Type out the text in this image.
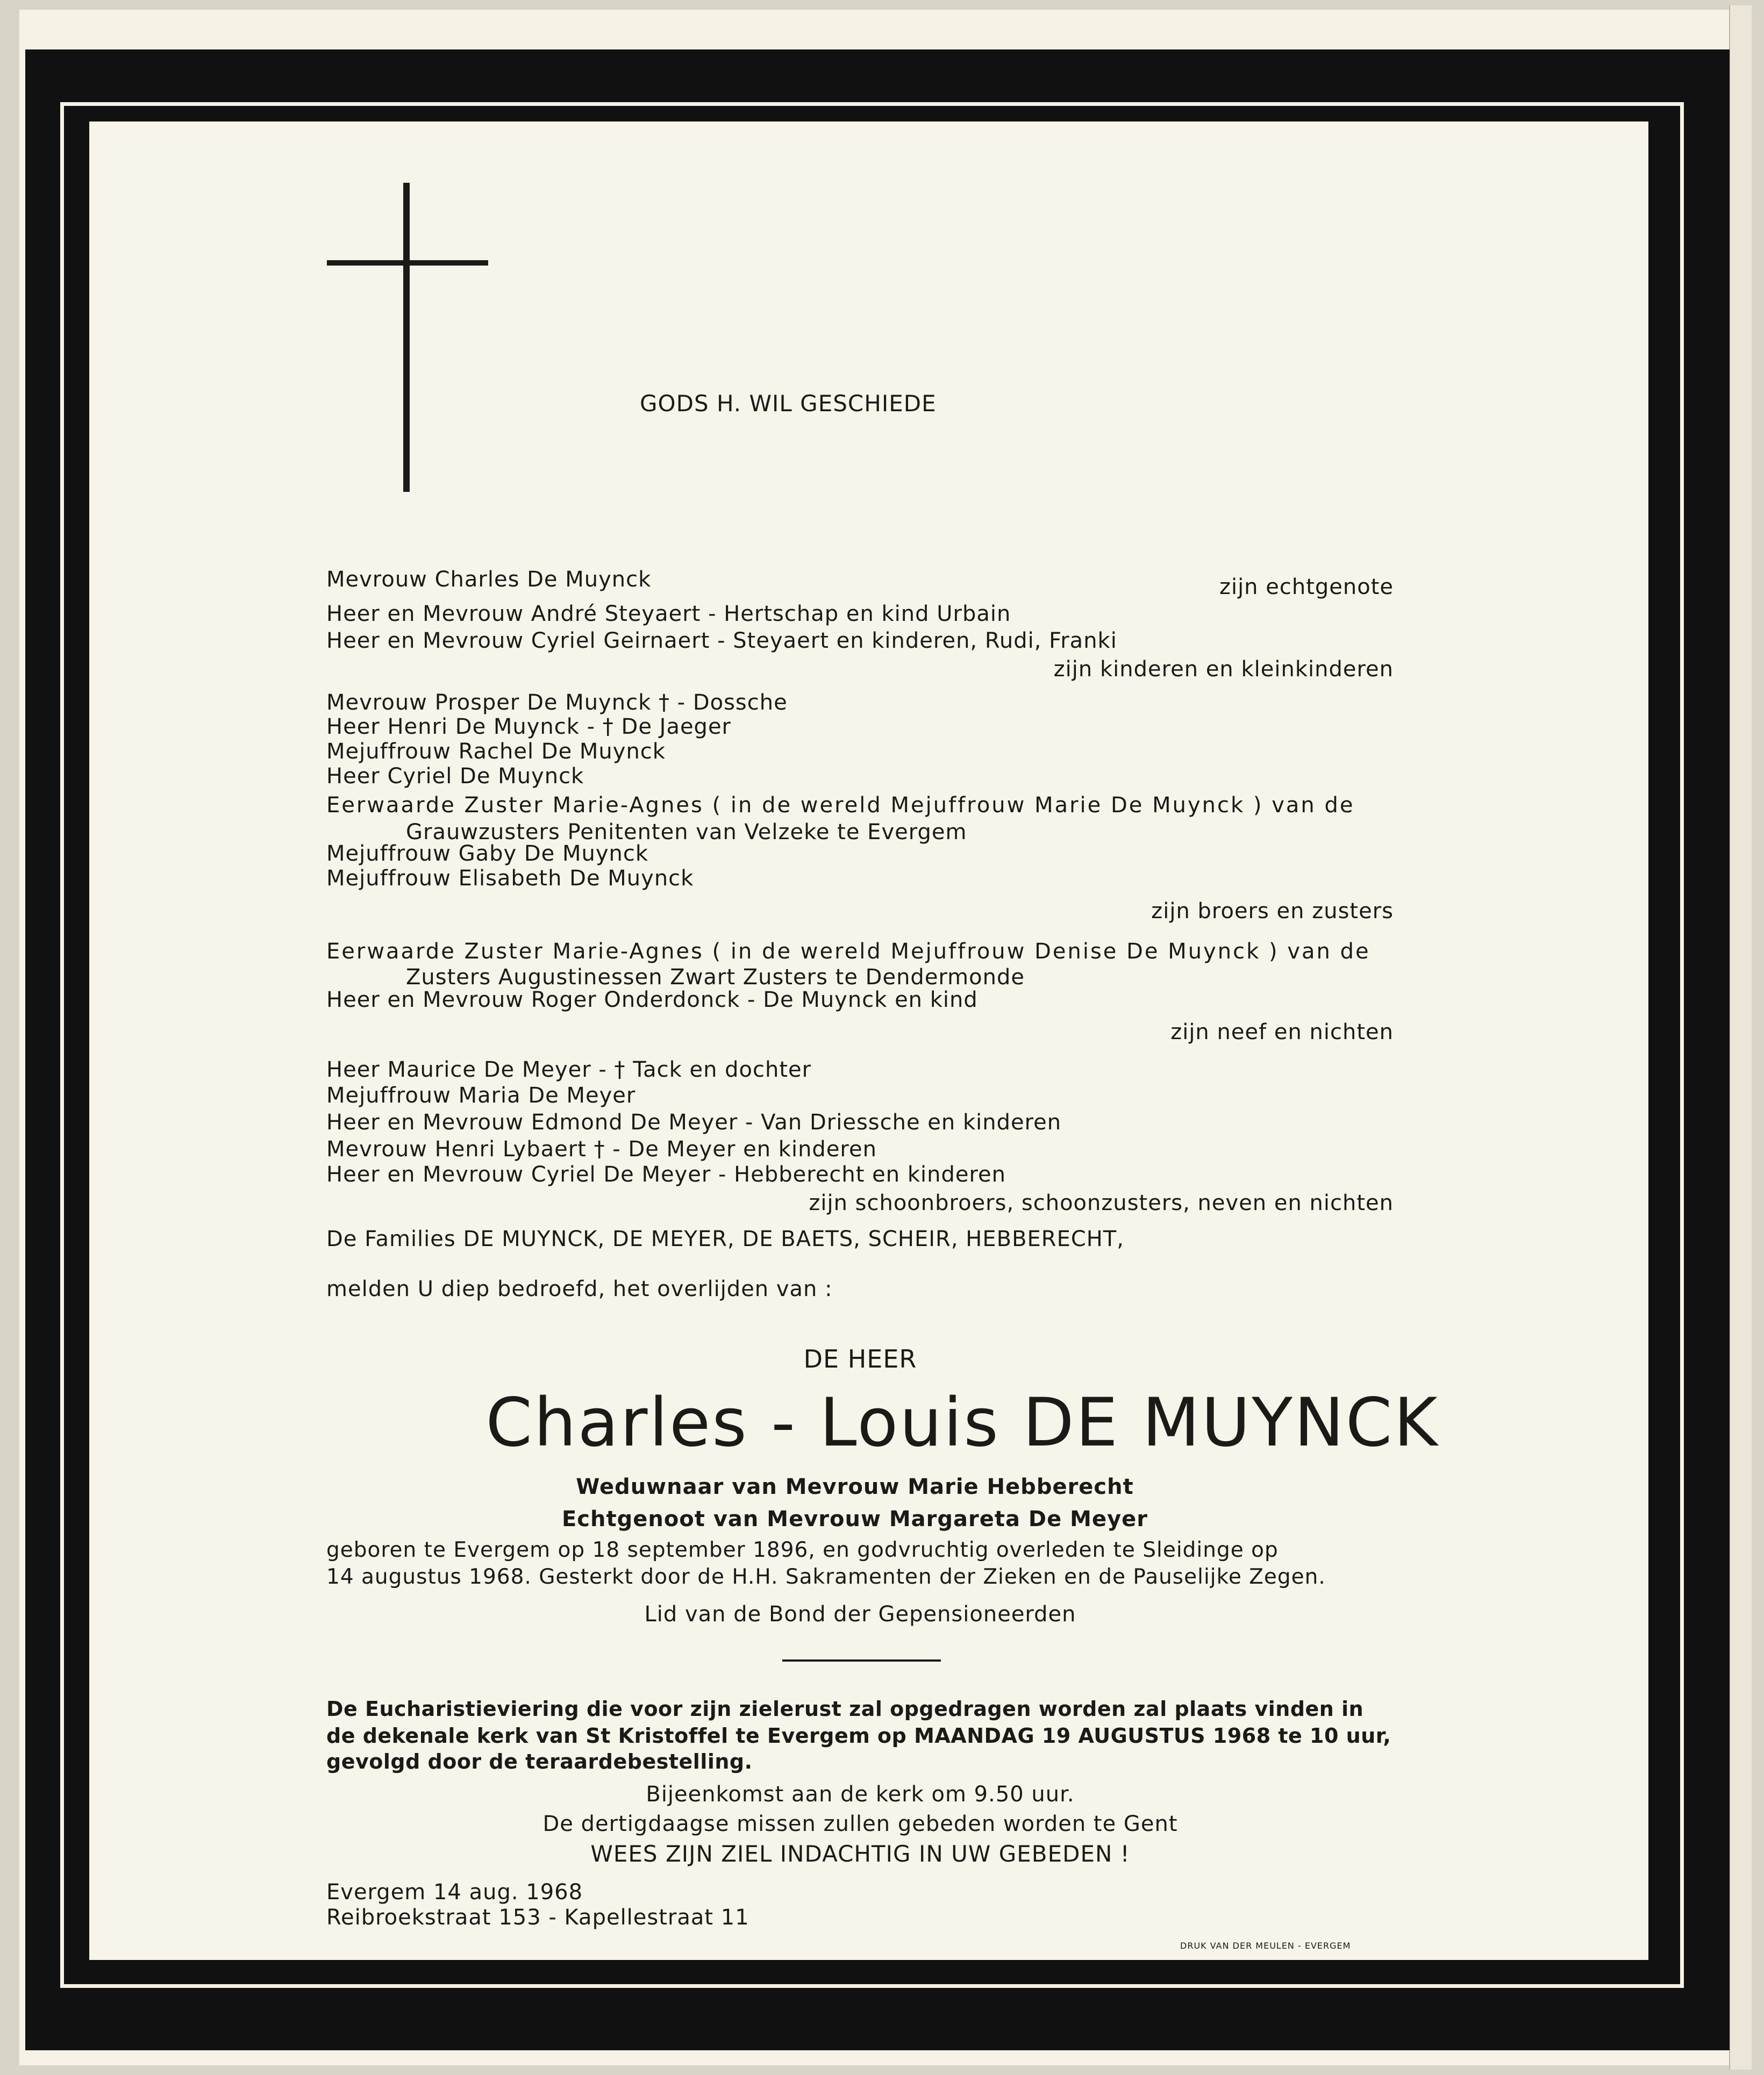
GODS H. WIL GESCHIEDE
Mevrouw Charles De Muynck	zijn echtgenote
Heer en Mevrouw André Steyaert - Hertschap en kind Urbain
Heer en Mevrouw Cyriel Geirnaert - Steyaert en kinderen, Rudi, Franki
zijn kinderen en kleinkinderen
Mevrouw Prosper De Muynck † - Dossche
Heer Henri De Muynck - † De Jaeger
Mejuffrouw Rachel De Muynck
Heer Cyriel De Muynck
Eerwaarde Zuster Marie-Agnes ( in de wereld Mejuffrouw Marie De Muynck ) van de
Grauwzusters Penitenten van Velzeke te Evergem
Mejuffrouw Gaby De Muynck
Mejuffrouw Elisabeth De Muynck
zijn broers en zusters
Eerwaarde Zuster Marie-Agnes ( in de wereld Mejuffrouw Denise De Muynck ) van de
Zusters Augustinessen Zwart Zusters te Dendermonde
Heer en Mevrouw Roger Onderdonck - De Muynck en kind
zijn neef en nichten
Heer Maurice De Meyer - † Tack en dochter
Mejuffrouw Maria De Meyer
Heer en Mevrouw Edmond De Meyer - Van Driessche en kinderen
Mevrouw Henri Lybaert † - De Meyer en kinderen
Heer en Mevrouw Cyriel De Meyer - Hebberecht en kinderen
zijn schoonbroers, schoonzusters, neven en nichten
De Families DE MUYNCK, DE MEYER, DE BAETS, SCHEIR, HEBBERECHT,
melden U diep bedroefd, het overlijden van :
DE HEER
Charles - Louis DE MUYNCK
Weduwnaar van Mevrouw Marie Hebberecht
Echtgenoot van Mevrouw Margareta De Meyer
geboren te Evergem op 18 september 1896, en godvruchtig overleden te Sleidinge op
14 augustus 1968. Gesterkt door de H.H. Sakramenten der Zieken en de Pauselijke Zegen.
Lid van de Bond der Gepensioneerden
De Eucharistieviering die voor zijn zielerust zal opgedragen worden zal plaats vinden in
de dekenale kerk van St Kristoffel te Evergem op MAANDAG 19 AUGUSTUS 1968 te 10 uur,
gevolgd door de teraardebestelling.
Bijeenkomst aan de kerk om 9.50 uur.
De dertigdaagse missen zullen gebeden worden te Gent
WEES ZIJN ZIEL INDACHTIG IN UW GEBEDEN !
Evergem 14 aug. 1968
Reibroekstraat 153 - Kapellestraat 11
DRUK VAN DER MEULEN - EVERGEM
